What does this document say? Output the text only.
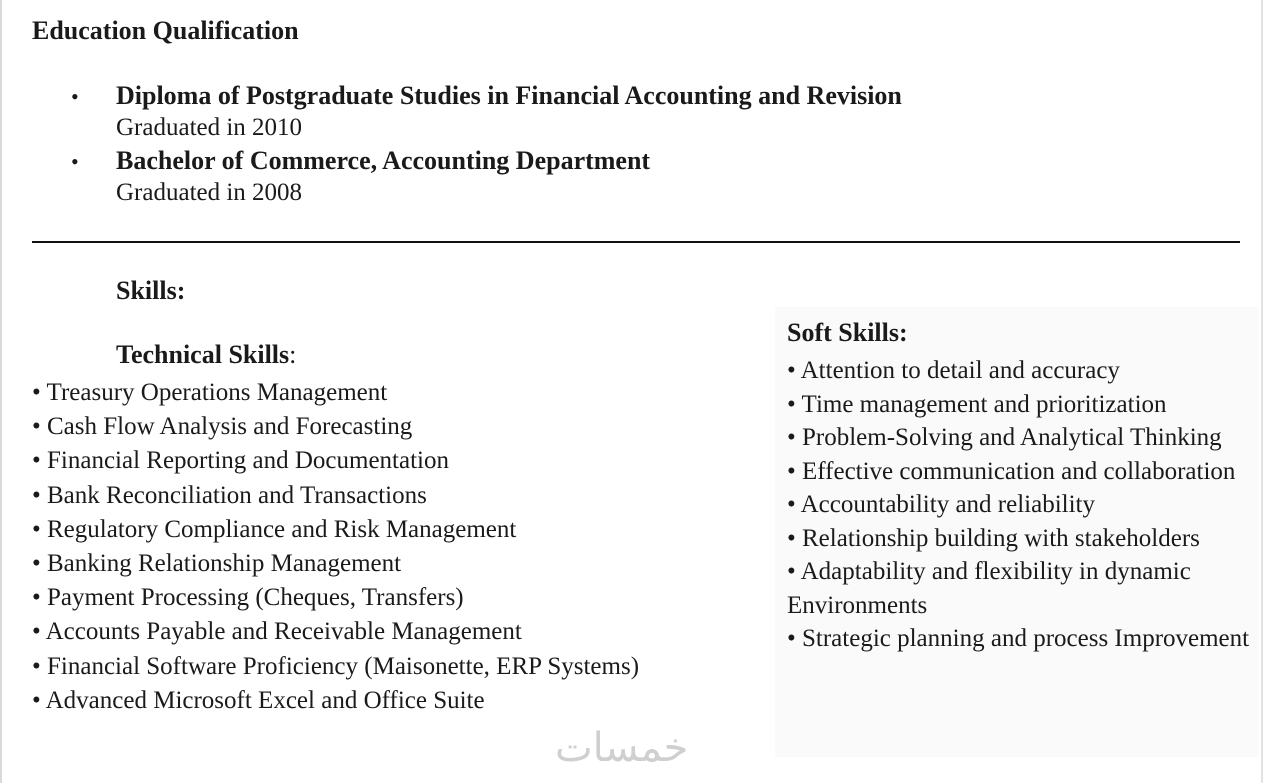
Education Qualification
• Diploma of Postgraduate Studies in Financial Accounting and Revision
Graduated in 2010
• Bachelor of Commerce, Accounting Department
Graduated in 2008
Skills:
Technical Skills:
• Treasury Operations Management
• Cash Flow Analysis and Forecasting
• Financial Reporting and Documentation
• Bank Reconciliation and Transactions
• Regulatory Compliance and Risk Management
• Banking Relationship Management
• Payment Processing (Cheques, Transfers)
• Accounts Payable and Receivable Management
• Financial Software Proficiency (Maisonette, ERP Systems)
• Advanced Microsoft Excel and Office Suite
Soft Skills:
• Attention to detail and accuracy
• Time management and prioritization
• Problem-Solving and Analytical Thinking
• Effective communication and collaboration
• Accountability and reliability
• Relationship building with stakeholders
• Adaptability and flexibility in dynamic Environments
• Strategic planning and process Improvement
خمسات
